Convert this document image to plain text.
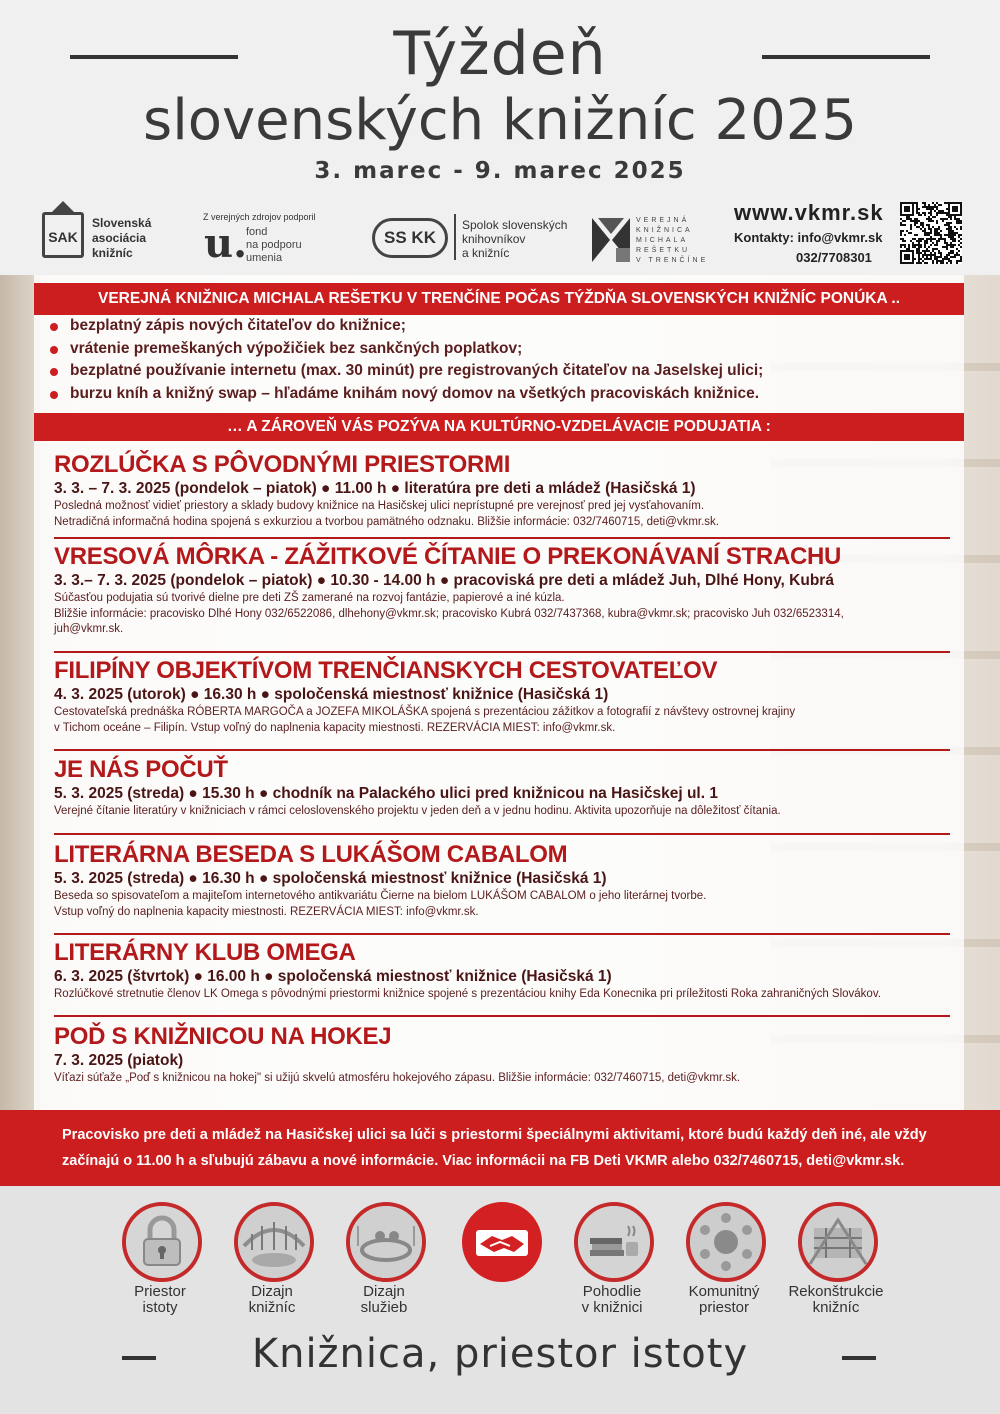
Týždeň
slovenských knižníc 2025
3. marec - 9. marec 2025
SAK
Slovenská
asociácia
knižníc
Z verejných zdrojov podporil
u.
fond
na podporu
umenia
SS KK
Spolok slovenských
knihovníkov
a knižníc
VEREJNÁ
KNIŽNICA
MICHALA
REŠETKU
V TRENČÍNE
www.vkmr.sk
Kontakty: info@vkmr.sk
032/7708301
VEREJNÁ KNIŽNICA MICHALA REŠETKU V TRENČÍNE POČAS TÝŽDŇA SLOVENSKÝCH KNIŽNÍC PONÚKA ..
bezplatný zápis nových čitateľov do knižnice;
vrátenie premeškaných výpožičiek bez sankčných poplatkov;
bezplatné používanie internetu (max. 30 minút) pre registrovaných čitateľov na Jaselskej ulici;
burzu kníh a knižný swap – hľadáme knihám nový domov na všetkých pracoviskách knižnice.
… A ZÁROVEŇ VÁS POZÝVA NA KULTÚRNO-VZDELÁVACIE PODUJATIA :
ROZLÚČKA S PÔVODNÝMI PRIESTORMI
3. 3. – 7. 3. 2025 (pondelok – piatok) ● 11.00 h ● literatúra pre deti a mládež (Hasičská 1)
Posledná možnosť vidieť priestory a sklady budovy knižnice na Hasičskej ulici neprístupné pre verejnosť pred jej vysťahovaním.
Netradičná informačná hodina spojená s exkurziou a tvorbou pamätného odznaku. Bližšie informácie: 032/7460715, deti@vkmr.sk.
VRESOVÁ MÔRKA - ZÁŽITKOVÉ ČÍTANIE O PREKONÁVANÍ STRACHU
3. 3.– 7. 3. 2025 (pondelok – piatok) ● 10.30 - 14.00 h ● pracoviská pre deti a mládež Juh, Dlhé Hony, Kubrá
Súčasťou podujatia sú tvorivé dielne pre deti ZŠ zamerané na rozvoj fantázie, papierové a iné kúzla.
Bližšie informácie: pracovisko Dlhé Hony 032/6522086, dlhehony@vkmr.sk; pracovisko Kubrá 032/7437368, kubra@vkmr.sk; pracovisko Juh 032/6523314,
juh@vkmr.sk.
FILIPÍNY OBJEKTÍVOM TRENČIANSKYCH CESTOVATEĽOV
4. 3. 2025 (utorok) ● 16.30 h ● spoločenská miestnosť knižnice (Hasičská 1)
Cestovateľská prednáška RÓBERTA MARGOČA a JOZEFA MIKOLÁŠKA spojená s prezentáciou zážitkov a fotografií z návštevy ostrovnej krajiny
v Tichom oceáne – Filipín. Vstup voľný do naplnenia kapacity miestnosti. REZERVÁCIA MIEST: info@vkmr.sk.
JE NÁS POČUŤ
5. 3. 2025 (streda) ● 15.30 h ● chodník na Palackého ulici pred knižnicou na Hasičskej ul. 1
Verejné čítanie literatúry v knižniciach v rámci celoslovenského projektu v jeden deň a v jednu hodinu. Aktivita upozorňuje na dôležitosť čítania.
LITERÁRNA BESEDA S LUKÁŠOM CABALOM
5. 3. 2025 (streda) ● 16.30 h ● spoločenská miestnosť knižnice (Hasičská 1)
Beseda so spisovateľom a majiteľom internetového antikvariátu Čierne na bielom LUKÁŠOM CABALOM o jeho literárnej tvorbe.
Vstup voľný do naplnenia kapacity miestnosti. REZERVÁCIA MIEST: info@vkmr.sk.
LITERÁRNY KLUB OMEGA
6. 3. 2025 (štvrtok) ● 16.00 h ● spoločenská miestnosť knižnice (Hasičská 1)
Rozlúčkové stretnutie členov LK Omega s pôvodnými priestormi knižnice spojené s prezentáciou knihy Eda Konecnika pri príležitosti Roka zahraničných Slovákov.
POĎ S KNIŽNICOU NA HOKEJ
7. 3. 2025 (piatok)
Víťazi súťaže „Poď s knižnicou na hokej" si užijú skvelú atmosféru hokejového zápasu. Bližšie informácie: 032/7460715, deti@vkmr.sk.
Pracovisko pre deti a mládež na Hasičskej ulici sa lúči s priestormi špeciálnymi aktivitami, ktoré budú každý deň iné, ale vždy
začínajú o 11.00 h a sľubujú zábavu a nové informácie. Viac informácii na FB Deti VKMR alebo 032/7460715, deti@vkmr.sk.
Priestor
istoty
Dizajn
knižníc
Dizajn
služieb
Pohodlie
v knižnici
Komunitný
priestor
Rekonštrukcie
knižníc
Knižnica, priestor istoty
